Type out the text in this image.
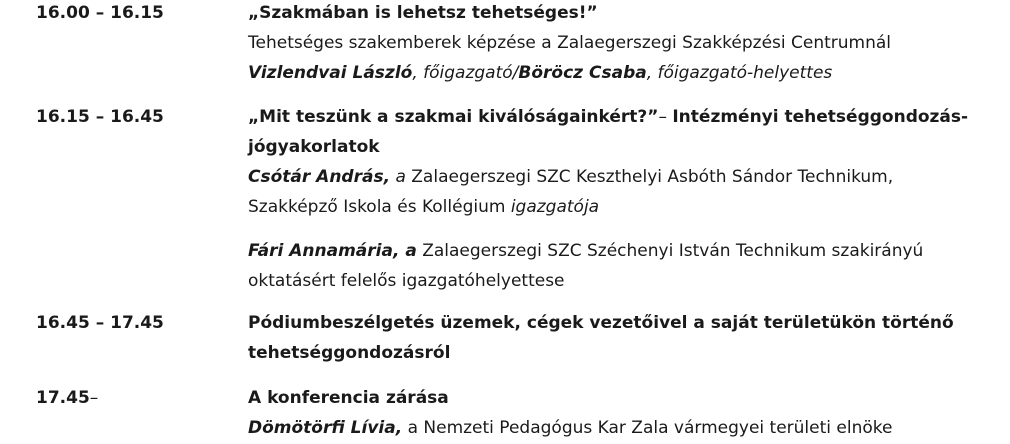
16.00 – 16.15	„Szakmában is lehetsz tehetséges!”
Tehetséges szakemberek képzése a Zalaegerszegi Szakképzési Centrumnál
Vizlendvai László, főigazgató/Böröcz Csaba, főigazgató-helyettes
16.15 – 16.45	„Mit teszünk a szakmai kiválóságainkért?”– Intézményi tehetséggondozás-
jógyakorlatok
Csótár András, a Zalaegerszegi SZC Keszthelyi Asbóth Sándor Technikum,
Szakképző Iskola és Kollégium igazgatója
Fári Annamária, a Zalaegerszegi SZC Széchenyi István Technikum szakirányú
oktatásért felelős igazgatóhelyettese
16.45 – 17.45	Pódiumbeszélgetés üzemek, cégek vezetőivel a saját területükön történő
tehetséggondozásról
17.45–	A konferencia zárása
Dömötörfi Lívia, a Nemzeti Pedagógus Kar Zala vármegyei területi elnöke
